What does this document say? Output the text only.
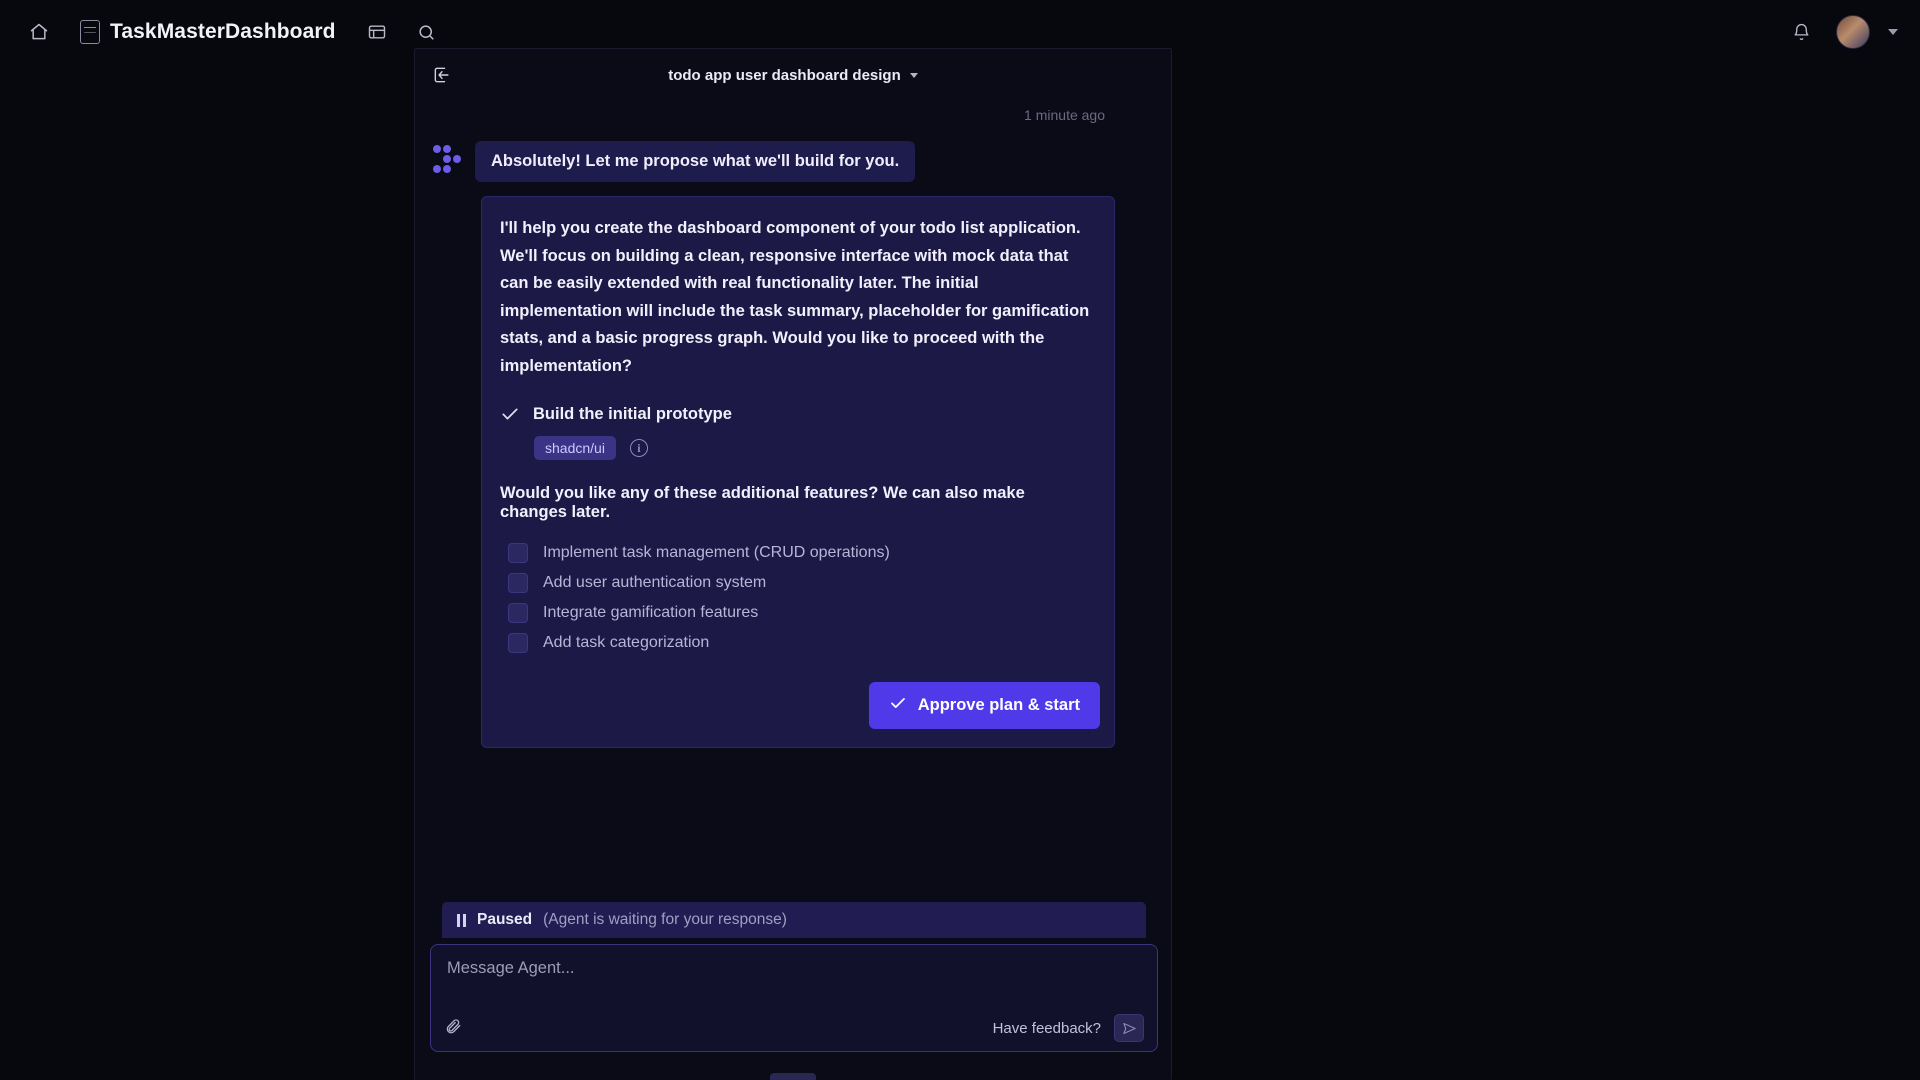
TaskMasterDashboard
todo app user dashboard design
1 minute ago
Absolutely! Let me propose what we'll build for you.
I'll help you create the dashboard component of your todo list application. We'll focus on building a clean, responsive interface with mock data that can be easily extended with real functionality later. The initial implementation will include the task summary, placeholder for gamification stats, and a basic progress graph. Would you like to proceed with the implementation?
Build the initial prototype
shadcn/ui	i
Would you like any of these additional features? We can also make changes later.
Implement task management (CRUD operations)
Add user authentication system
Integrate gamification features
Add task categorization
Approve plan & start
Paused (Agent is waiting for your response)
Message Agent...
Have feedback?
